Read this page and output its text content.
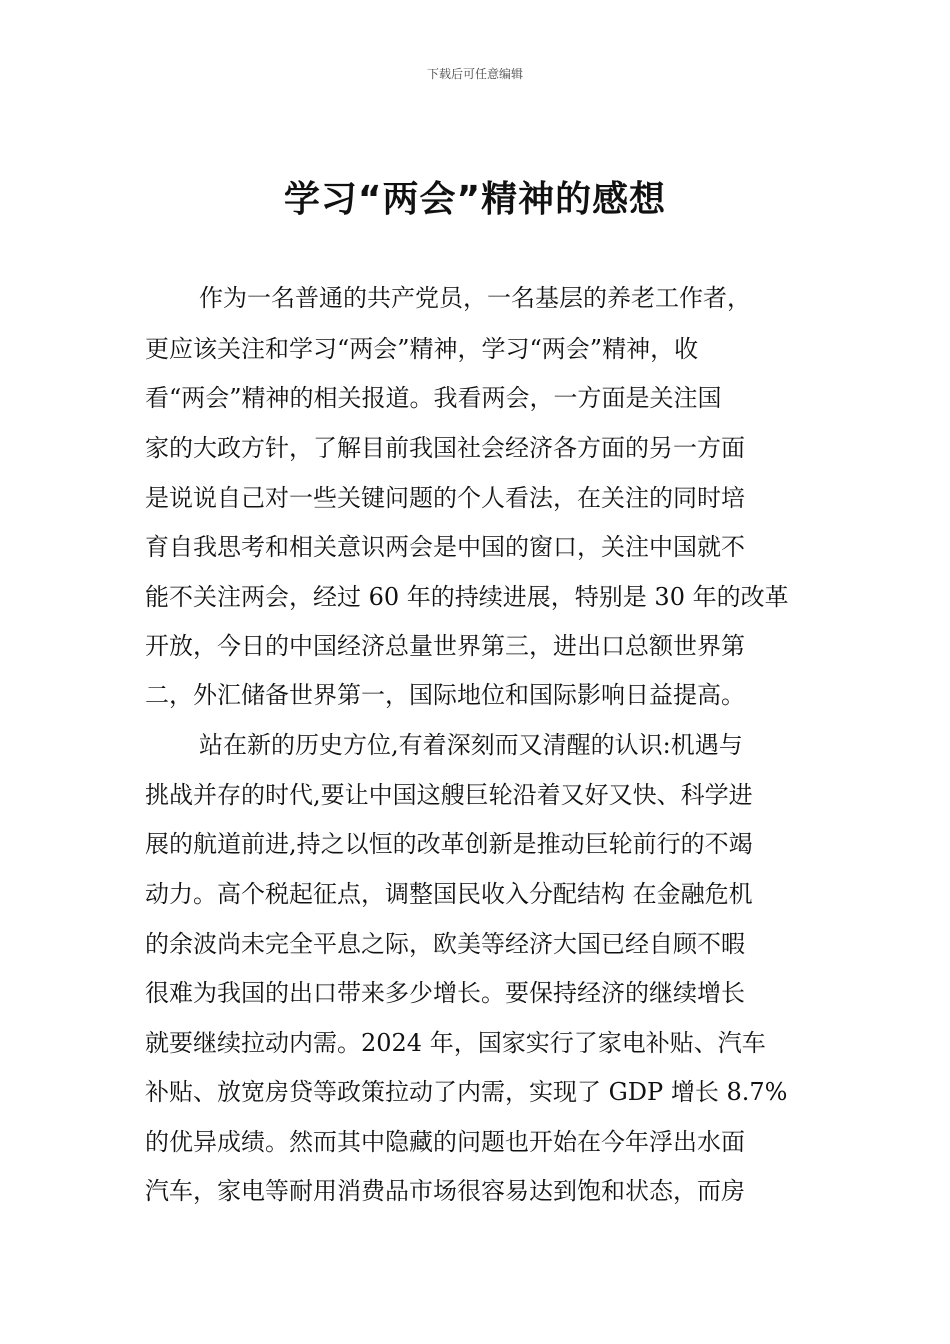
下载后可任意编辑
学习“两会”精神的感想
作为一名普通的共产党员，一名基层的养老工作者，
更应该关注和学习“两会”精神，学习“两会”精神，收
看“两会”精神的相关报道。我看两会，一方面是关注国
家的大政方针，了解目前我国社会经济各方面的另一方面
是说说自己对一些关键问题的个人看法，在关注的同时培
育自我思考和相关意识两会是中国的窗口，关注中国就不
能不关注两会，经过 60 年的持续进展，特别是 30 年的改革
开放，今日的中国经济总量世界第三，进出口总额世界第
二，外汇储备世界第一，国际地位和国际影响日益提高。
站在新的历史方位,有着深刻而又清醒的认识:机遇与
挑战并存的时代,要让中国这艘巨轮沿着又好又快、科学进
展的航道前进,持之以恒的改革创新是推动巨轮前行的不竭
动力。高个税起征点，调整国民收入分配结构 在金融危机
的余波尚未完全平息之际，欧美等经济大国已经自顾不暇
很难为我国的出口带来多少增长。要保持经济的继续增长
就要继续拉动内需。2024 年，国家实行了家电补贴、汽车
补贴、放宽房贷等政策拉动了内需，实现了 GDP 增长 8.7%
的优异成绩。然而其中隐藏的问题也开始在今年浮出水面
汽车，家电等耐用消费品市场很容易达到饱和状态，而房
